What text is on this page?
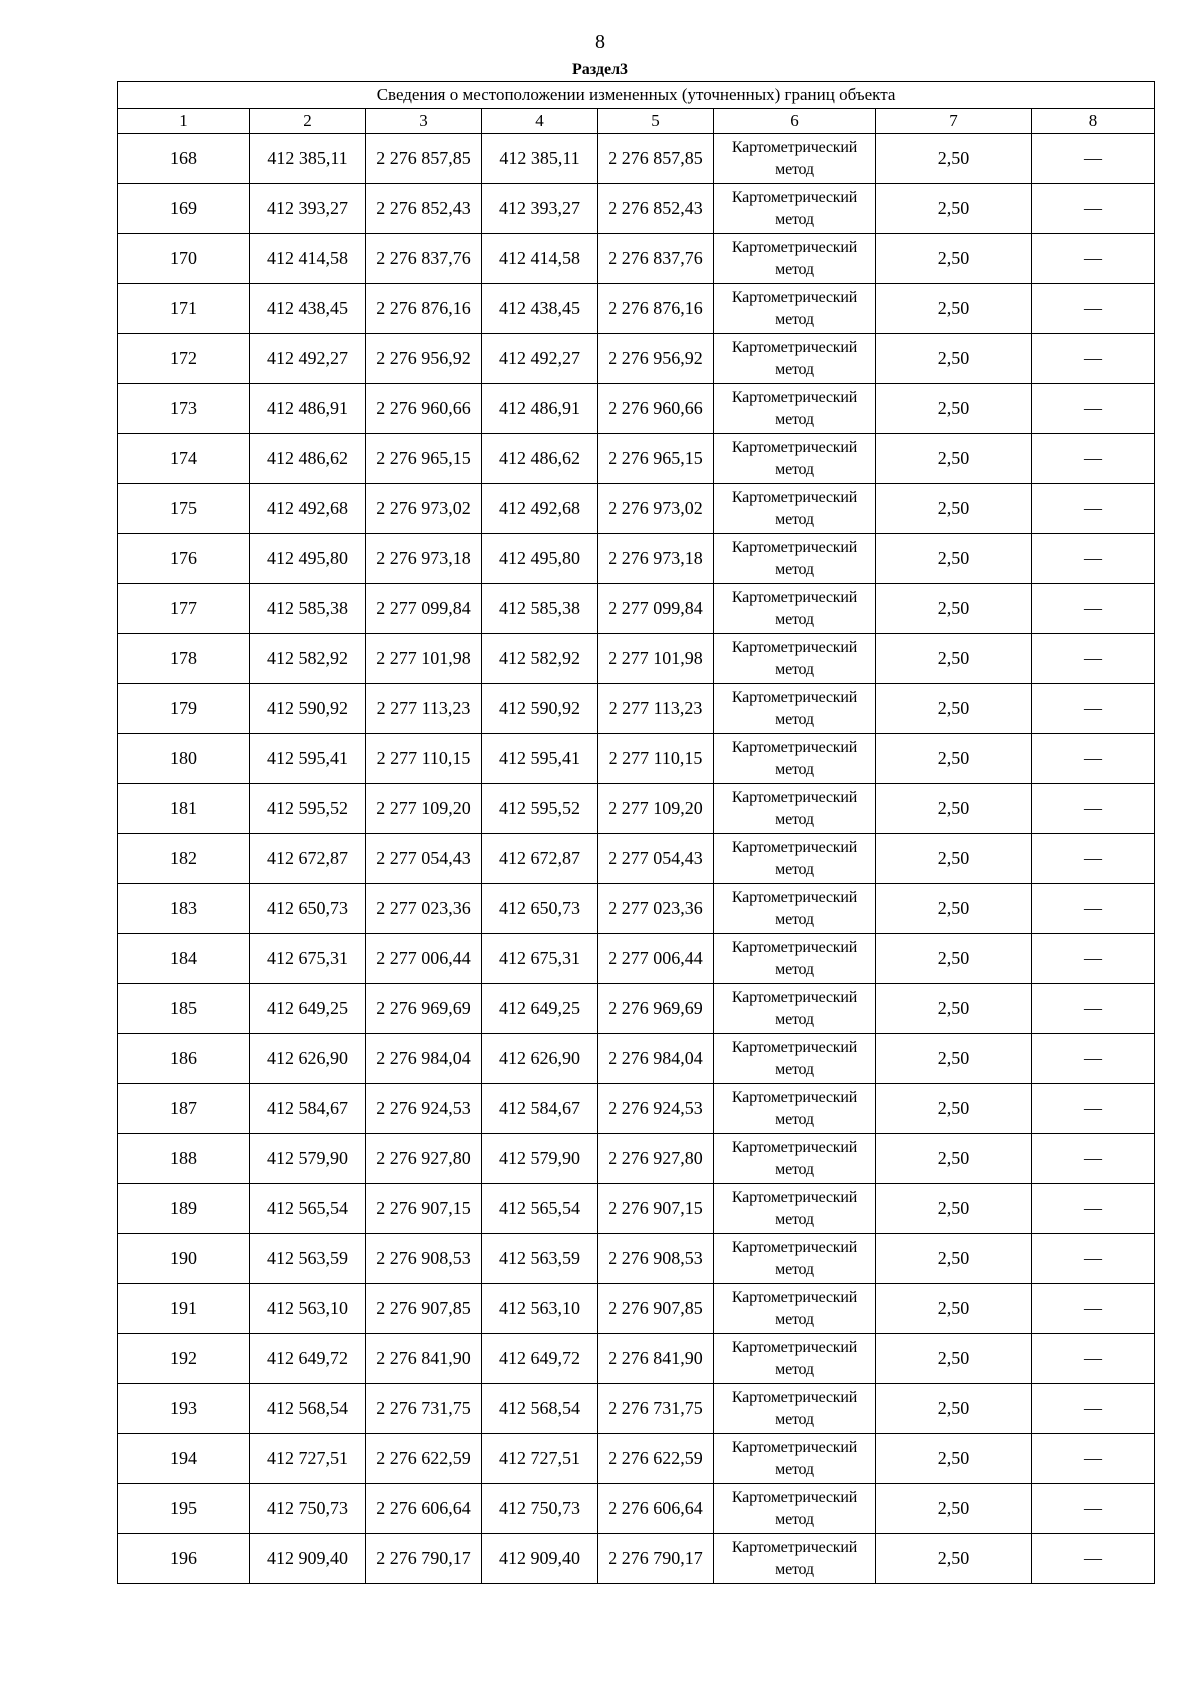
8
Раздел3
Сведения о местоположении измененных (уточненных) границ объекта							
1	2	3	4	5	6	7	8
168	412 385,11	2 276 857,85	412 385,11	2 276 857,85	Картометрический метод	2,50	—
169	412 393,27	2 276 852,43	412 393,27	2 276 852,43	Картометрический метод	2,50	—
170	412 414,58	2 276 837,76	412 414,58	2 276 837,76	Картометрический метод	2,50	—
171	412 438,45	2 276 876,16	412 438,45	2 276 876,16	Картометрический метод	2,50	—
172	412 492,27	2 276 956,92	412 492,27	2 276 956,92	Картометрический метод	2,50	—
173	412 486,91	2 276 960,66	412 486,91	2 276 960,66	Картометрический метод	2,50	—
174	412 486,62	2 276 965,15	412 486,62	2 276 965,15	Картометрический метод	2,50	—
175	412 492,68	2 276 973,02	412 492,68	2 276 973,02	Картометрический метод	2,50	—
176	412 495,80	2 276 973,18	412 495,80	2 276 973,18	Картометрический метод	2,50	—
177	412 585,38	2 277 099,84	412 585,38	2 277 099,84	Картометрический метод	2,50	—
178	412 582,92	2 277 101,98	412 582,92	2 277 101,98	Картометрический метод	2,50	—
179	412 590,92	2 277 113,23	412 590,92	2 277 113,23	Картометрический метод	2,50	—
180	412 595,41	2 277 110,15	412 595,41	2 277 110,15	Картометрический метод	2,50	—
181	412 595,52	2 277 109,20	412 595,52	2 277 109,20	Картометрический метод	2,50	—
182	412 672,87	2 277 054,43	412 672,87	2 277 054,43	Картометрический метод	2,50	—
183	412 650,73	2 277 023,36	412 650,73	2 277 023,36	Картометрический метод	2,50	—
184	412 675,31	2 277 006,44	412 675,31	2 277 006,44	Картометрический метод	2,50	—
185	412 649,25	2 276 969,69	412 649,25	2 276 969,69	Картометрический метод	2,50	—
186	412 626,90	2 276 984,04	412 626,90	2 276 984,04	Картометрический метод	2,50	—
187	412 584,67	2 276 924,53	412 584,67	2 276 924,53	Картометрический метод	2,50	—
188	412 579,90	2 276 927,80	412 579,90	2 276 927,80	Картометрический метод	2,50	—
189	412 565,54	2 276 907,15	412 565,54	2 276 907,15	Картометрический метод	2,50	—
190	412 563,59	2 276 908,53	412 563,59	2 276 908,53	Картометрический метод	2,50	—
191	412 563,10	2 276 907,85	412 563,10	2 276 907,85	Картометрический метод	2,50	—
192	412 649,72	2 276 841,90	412 649,72	2 276 841,90	Картометрический метод	2,50	—
193	412 568,54	2 276 731,75	412 568,54	2 276 731,75	Картометрический метод	2,50	—
194	412 727,51	2 276 622,59	412 727,51	2 276 622,59	Картометрический метод	2,50	—
195	412 750,73	2 276 606,64	412 750,73	2 276 606,64	Картометрический метод	2,50	—
196	412 909,40	2 276 790,17	412 909,40	2 276 790,17	Картометрический метод	2,50	—
